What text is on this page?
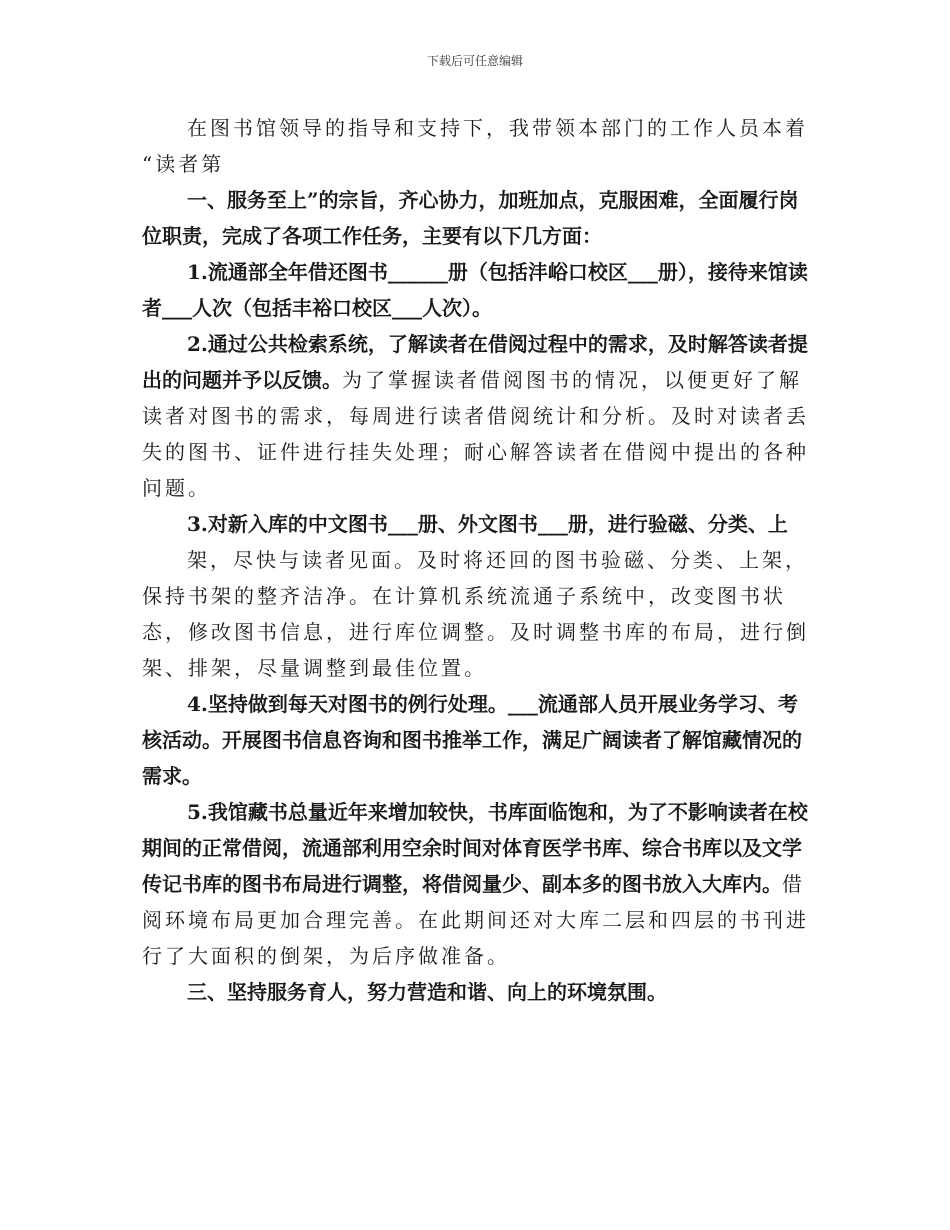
下载后可任意编辑

在图书馆领导的指导和支持下，我带领本部门的工作人员本着

“读者第

一、服务至上”的宗旨，齐心协力，加班加点，克服困难，全面履行岗位职责，完成了各项工作任务，主要有以下几方面：

1.流通部全年借还图书______册（包括沣峪口校区___册），接待来馆读者___人次（包括丰裕口校区___人次）。

2.通过公共检索系统，了解读者在借阅过程中的需求，及时解答读者提出的问题并予以反馈。为了掌握读者借阅图书的情况，以便更好了解读者对图书的需求，每周进行读者借阅统计和分析。及时对读者丢失的图书、证件进行挂失处理；耐心解答读者在借阅中提出的各种问题。

3.对新入库的中文图书___册、外文图书___册，进行验磁、分类、上

架，尽快与读者见面。及时将还回的图书验磁、分类、上架，保持书架的整齐洁净。在计算机系统流通子系统中，改变图书状态，修改图书信息，进行库位调整。及时调整书库的布局，进行倒架、排架，尽量调整到最佳位置。

4.坚持做到每天对图书的例行处理。___流通部人员开展业务学习、考核活动。开展图书信息咨询和图书推举工作，满足广阔读者了解馆藏情况的需求。

5.我馆藏书总量近年来增加较快，书库面临饱和，为了不影响读者在校期间的正常借阅，流通部利用空余时间对体育医学书库、综合书库以及文学传记书库的图书布局进行调整，将借阅量少、副本多的图书放入大库内。借阅环境布局更加合理完善。在此期间还对大库二层和四层的书刊进行了大面积的倒架，为后序做准备。

三、坚持服务育人，努力营造和谐、向上的环境氛围。
